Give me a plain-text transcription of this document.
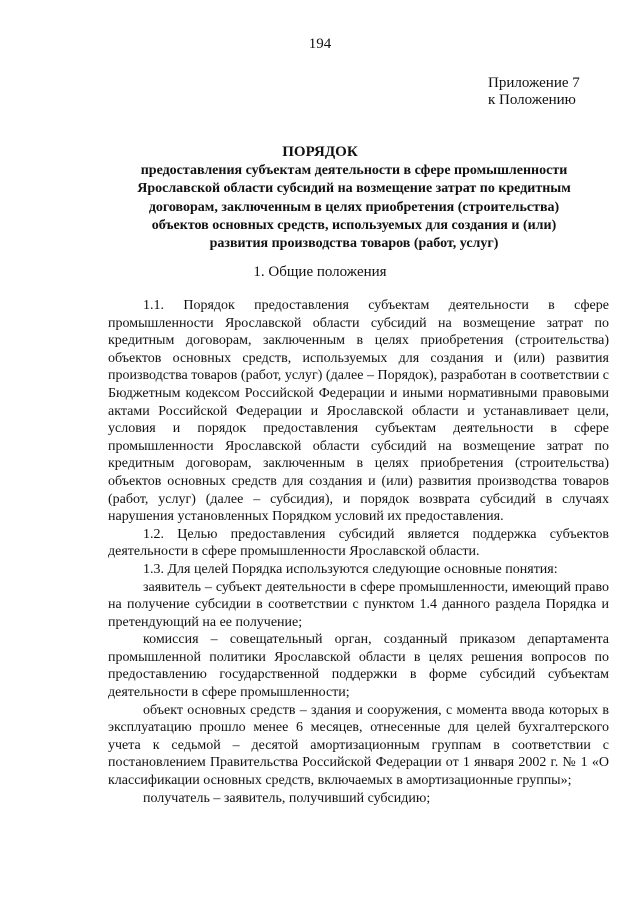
194
Приложение 7
к Положению
ПОРЯДОК
предоставления субъектам деятельности в сфере промышленности
Ярославской области субсидий на возмещение затрат по кредитным
договорам, заключенным в целях приобретения (строительства)
объектов основных средств, используемых для создания и (или)
развития производства товаров (работ, услуг)
1. Общие положения

1.1. Порядок предоставления субъектам деятельности в сфере промышленности Ярославской области субсидий на возмещение затрат по кредитным договорам, заключенным в целях приобретения (строительства) объектов основных средств, используемых для создания и (или) развития производства товаров (работ, услуг) (далее – Порядок), разработан в соответствии с Бюджетным кодексом Российской Федерации и иными нормативными правовыми актами Российской Федерации и Ярославской области и устанавливает цели, условия и порядок предоставления субъектам деятельности в сфере промышленности Ярославской области субсидий на возмещение затрат по кредитным договорам, заключенным в целях приобретения (строительства) объектов основных средств для создания и (или) развития производства товаров (работ, услуг) (далее – субсидия), и порядок возврата субсидий в случаях нарушения установленных Порядком условий их предоставления.

1.2. Целью предоставления субсидий является поддержка субъектов деятельности в сфере промышленности Ярославской области.

1.3. Для целей Порядка используются следующие основные понятия:

заявитель – субъект деятельности в сфере промышленности, имеющий право на получение субсидии в соответствии с пунктом 1.4 данного раздела Порядка и претендующий на ее получение;

комиссия – совещательный орган, созданный приказом департамента промышленной политики Ярославской области в целях решения вопросов по предоставлению государственной поддержки в форме субсидий субъектам деятельности в сфере промышленности;

объект основных средств – здания и сооружения, с момента ввода которых в эксплуатацию прошло менее 6 месяцев, отнесенные для целей бухгалтерского учета к седьмой – десятой амортизационным группам в соответствии с постановлением Правительства Российской Федерации от 1 января 2002 г. № 1 «О классификации основных средств, включаемых в амортизационные группы»;

получатель – заявитель, получивший субсидию;
